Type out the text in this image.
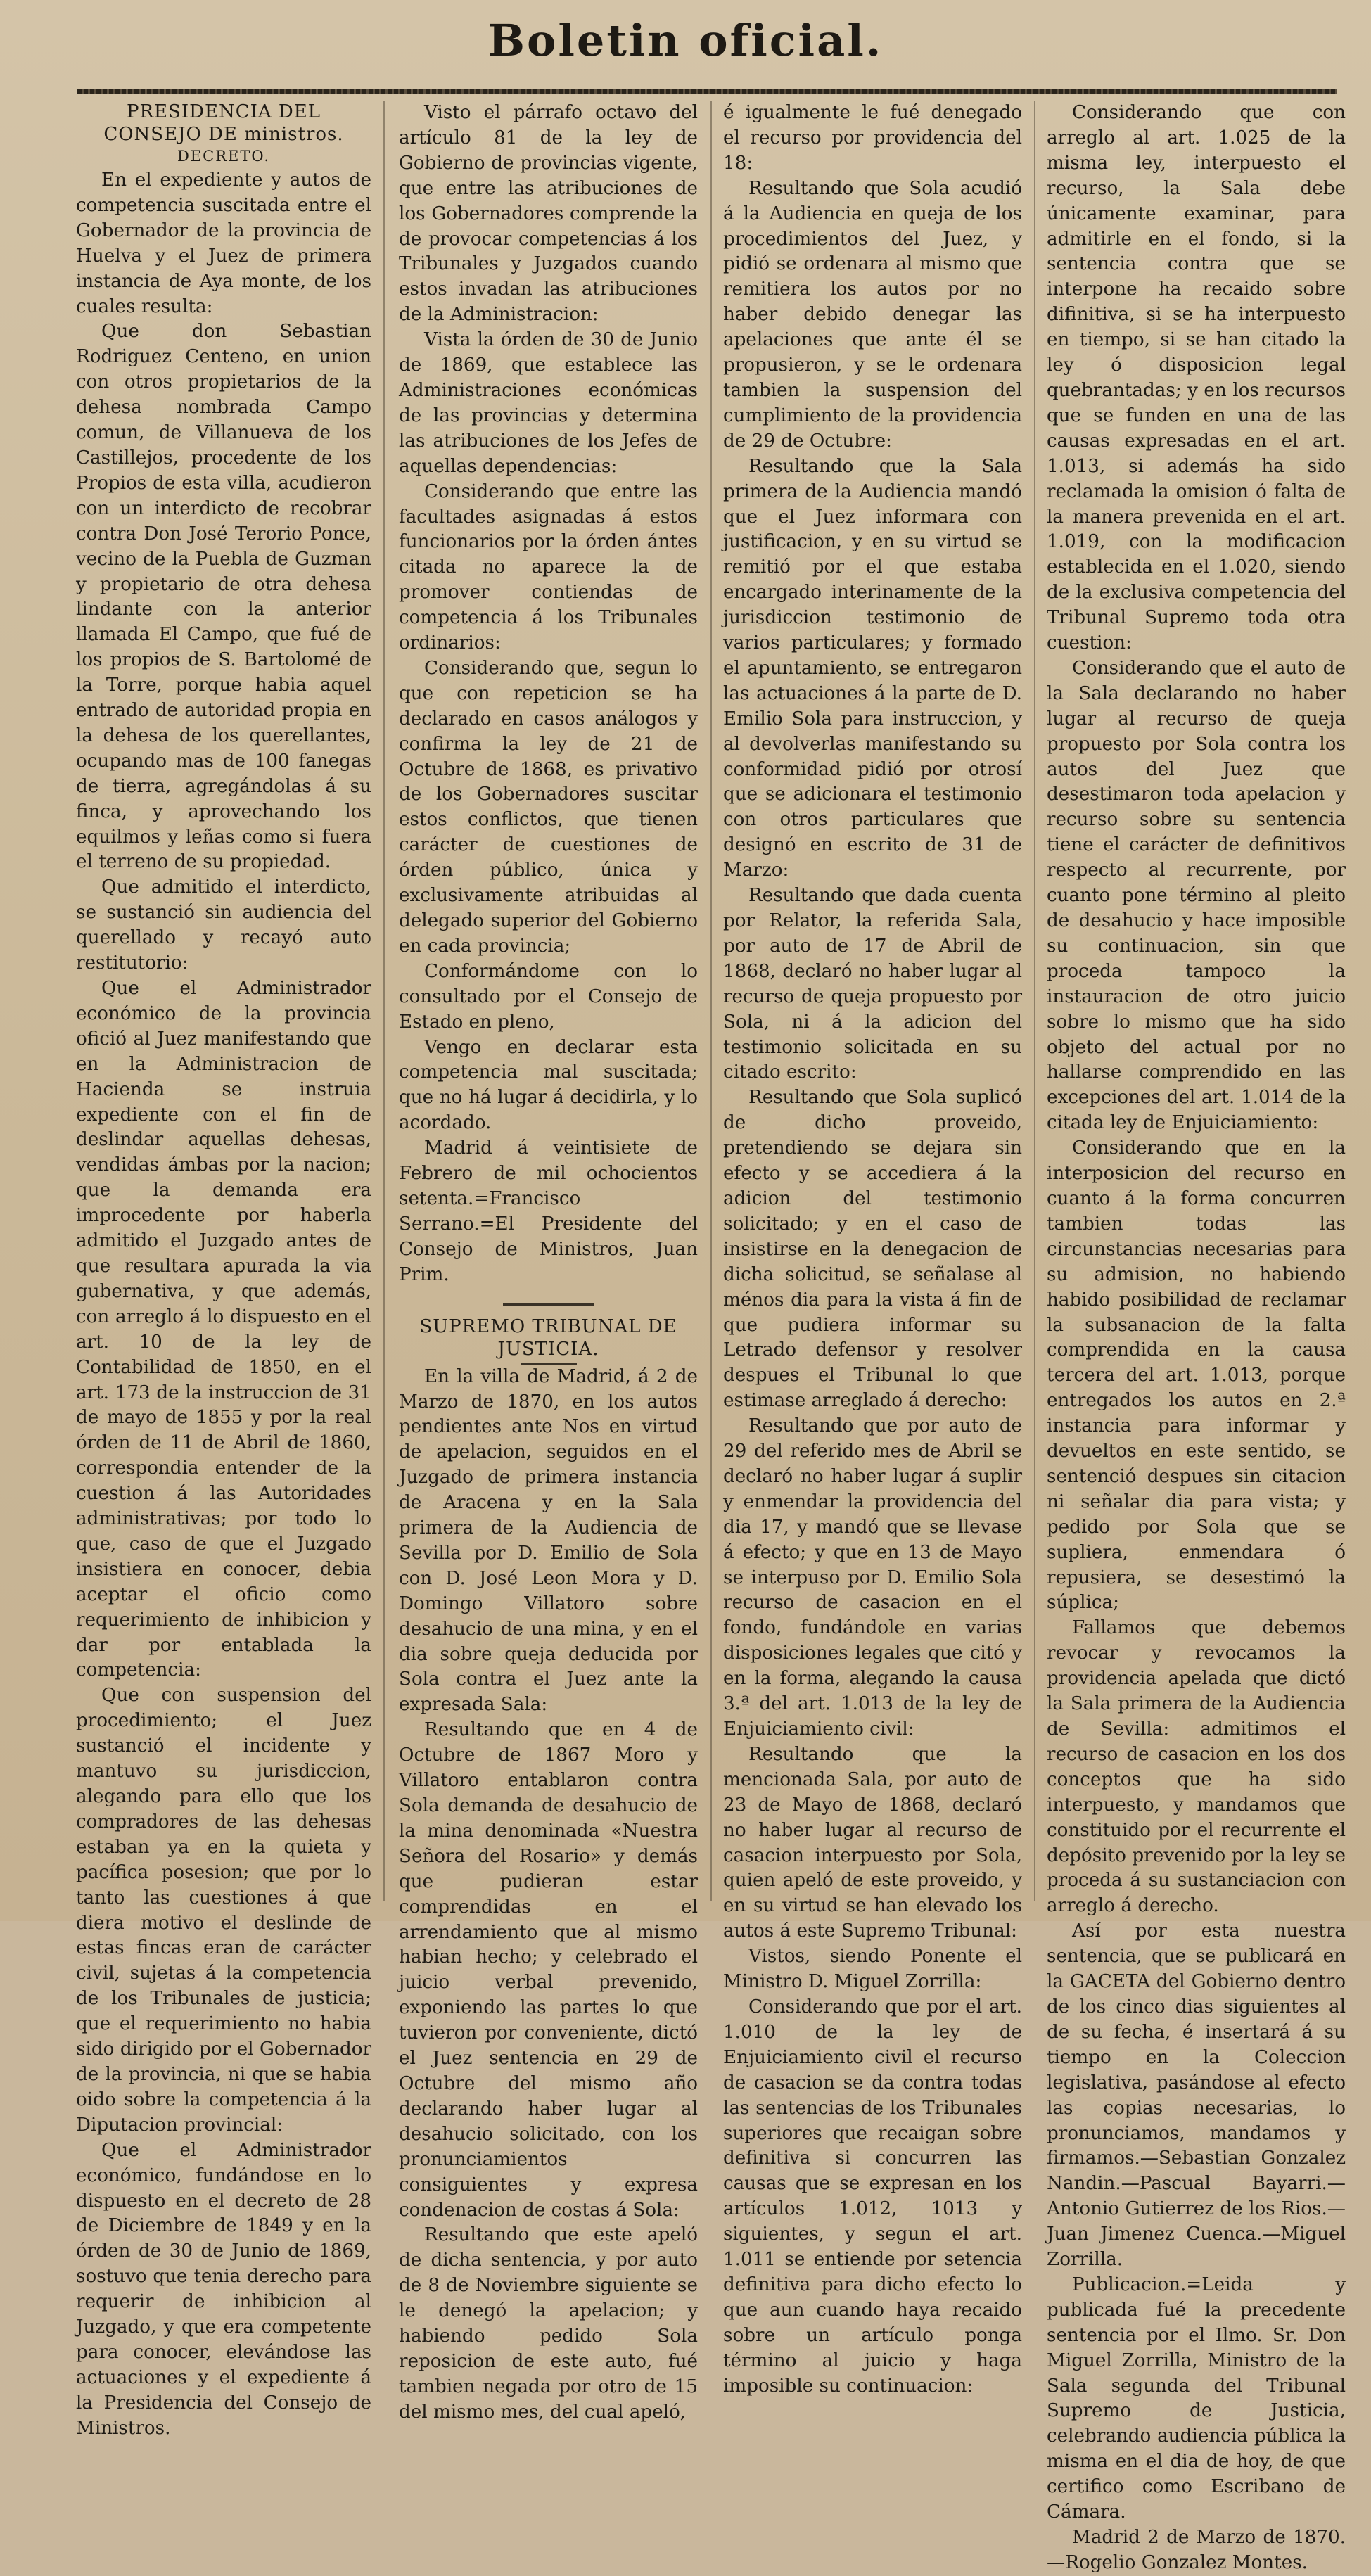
Boletin oficial.
PRESIDENCIA DEL CONSEJO DE ministros.
DECRETO.

En el expediente y autos de competencia suscitada entre el Gobernador de la provincia de Huelva y el Juez de primera instancia de Aya monte, de los cuales resulta:

Que don Sebastian Rodriguez Centeno, en union con otros propietarios de la dehesa nombrada Campo comun, de Villanueva de los Castillejos, procedente de los Propios de esta villa, acudieron con un interdicto de recobrar contra Don José Terorio Ponce, vecino de la Puebla de Guzman y propietario de otra dehesa lindante con la anterior llamada El Campo, que fué de los propios de S. Bartolomé de la Torre, porque habia aquel entrado de autoridad propia en la dehesa de los querellantes, ocupando mas de 100 fanegas de tierra, agregándolas á su finca, y aprovechando los equilmos y leñas como si fuera el terreno de su propiedad.

Que admitido el interdicto, se sustanció sin audiencia del querellado y recayó auto restitutorio:

Que el Administrador económico de la provincia ofició al Juez manifestando que en la Administracion de Hacienda se instruia expediente con el fin de deslindar aquellas dehesas, vendidas ámbas por la nacion; que la demanda era improcedente por haberla admitido el Juzgado antes de que resultara apurada la via gubernativa, y que además, con arreglo á lo dispuesto en el art. 10 de la ley de Contabilidad de 1850, en el art. 173 de la instruccion de 31 de mayo de 1855 y por la real órden de 11 de Abril de 1860, correspondia entender de la cuestion á las Autoridades administrativas; por todo lo que, caso de que el Juzgado insistiera en conocer, debia aceptar el oficio como requerimiento de inhibicion y dar por entablada la competencia:

Que con suspension del procedimiento; el Juez sustanció el incidente y mantuvo su jurisdiccion, alegando para ello que los compradores de las dehesas estaban ya en la quieta y pacífica posesion; que por lo tanto las cuestiones á que diera motivo el deslinde de estas fincas eran de carácter civil, sujetas á la competencia de los Tribunales de justicia; que el requerimiento no habia sido dirigido por el Gobernador de la provincia, ni que se habia oido sobre la competencia á la Diputacion provincial:

Que el Administrador económico, fundándose en lo dispuesto en el decreto de 28 de Diciembre de 1849 y en la órden de 30 de Junio de 1869, sostuvo que tenia derecho para requerir de inhibicion al Juzgado, y que era competente para conocer, elevándose las actuaciones y el expediente á la Presidencia del Consejo de Ministros.

Visto el párrafo octavo del artículo 81 de la ley de Gobierno de provincias vigente, que entre las atribuciones de los Gobernadores comprende la de provocar competencias á los Tribunales y Juzgados cuando estos invadan las atribuciones de la Administracion:

Vista la órden de 30 de Junio de 1869, que establece las Administraciones económicas de las provincias y determina las atribuciones de los Jefes de aquellas dependencias:

Considerando que entre las facultades asignadas á estos funcionarios por la órden ántes citada no aparece la de promover contiendas de competencia á los Tribunales ordinarios:

Considerando que, segun lo que con repeticion se ha declarado en casos análogos y confirma la ley de 21 de Octubre de 1868, es privativo de los Gobernadores suscitar estos conflictos, que tienen carácter de cuestiones de órden público, única y exclusivamente atribuidas al delegado superior del Gobierno en cada provincia;

Conformándome con lo consultado por el Consejo de Estado en pleno,

Vengo en declarar esta competencia mal suscitada; que no há lugar á decidirla, y lo acordado.

Madrid á veintisiete de Febrero de mil ochocientos setenta.=Francisco Serrano.=El Presidente del Consejo de Ministros, Juan Prim.

SUPREMO TRIBUNAL DE JUSTICIA.

En la villa de Madrid, á 2 de Marzo de 1870, en los autos pendientes ante Nos en virtud de apelacion, seguidos en el Juzgado de primera instancia de Aracena y en la Sala primera de la Audiencia de Sevilla por D. Emilio de Sola con D. José Leon Mora y D. Domingo Villatoro sobre desahucio de una mina, y en el dia sobre queja deducida por Sola contra el Juez ante la expresada Sala:

Resultando que en 4 de Octubre de 1867 Moro y Villatoro entablaron contra Sola demanda de desahucio de la mina denominada «Nuestra Señora del Rosario» y demás que pudieran estar comprendidas en el arrendamiento que al mismo habian hecho; y celebrado el juicio verbal prevenido, exponiendo las partes lo que tuvieron por conveniente, dictó el Juez sentencia en 29 de Octubre del mismo año declarando haber lugar al desahucio solicitado, con los pronunciamientos consiguientes y expresa condenacion de costas á Sola:

Resultando que este apeló de dicha sentencia, y por auto de 8 de Noviembre siguiente se le denegó la apelacion; y habiendo pedido Sola reposicion de este auto, fué tambien negada por otro de 15 del mismo mes, del cual apeló,

é igualmente le fué denegado el recurso por providencia del 18:

Resultando que Sola acudió á la Audiencia en queja de los procedimientos del Juez, y pidió se ordenara al mismo que remitiera los autos por no haber debido denegar las apelaciones que ante él se propusieron, y se le ordenara tambien la suspension del cumplimiento de la providencia de 29 de Octubre:

Resultando que la Sala primera de la Audiencia mandó que el Juez informara con justificacion, y en su virtud se remitió por el que estaba encargado interinamente de la jurisdiccion testimonio de varios particulares; y formado el apuntamiento, se entregaron las actuaciones á la parte de D. Emilio Sola para instruccion, y al devolverlas manifestando su conformidad pidió por otrosí que se adicionara el testimonio con otros particulares que designó en escrito de 31 de Marzo:

Resultando que dada cuenta por Relator, la referida Sala, por auto de 17 de Abril de 1868, declaró no haber lugar al recurso de queja propuesto por Sola, ni á la adicion del testimonio solicitada en su citado escrito:

Resultando que Sola suplicó de dicho proveido, pretendiendo se dejara sin efecto y se accediera á la adicion del testimonio solicitado; y en el caso de insistirse en la denegacion de dicha solicitud, se señalase al ménos dia para la vista á fin de que pudiera informar su Letrado defensor y resolver despues el Tribunal lo que estimase arreglado á derecho:

Resultando que por auto de 29 del referido mes de Abril se declaró no haber lugar á suplir y enmendar la providencia del dia 17, y mandó que se llevase á efecto; y que en 13 de Mayo se interpuso por D. Emilio Sola recurso de casacion en el fondo, fundándole en varias disposiciones legales que citó y en la forma, alegando la causa 3.ª del art. 1.013 de la ley de Enjuiciamiento civil:

Resultando que la mencionada Sala, por auto de 23 de Mayo de 1868, declaró no haber lugar al recurso de casacion interpuesto por Sola, quien apeló de este proveido, y en su virtud se han elevado los autos á este Supremo Tribunal:

Vistos, siendo Ponente el Ministro D. Miguel Zorrilla:

Considerando que por el art. 1.010 de la ley de Enjuiciamiento civil el recurso de casacion se da contra todas las sentencias de los Tribunales superiores que recaigan sobre definitiva si concurren las causas que se expresan en los artículos 1.012, 1013 y siguientes, y segun el art. 1.011 se entiende por setencia definitiva para dicho efecto lo que aun cuando haya recaido sobre un artículo ponga término al juicio y haga imposible su continuacion:

Considerando que con arreglo al art. 1.025 de la misma ley, interpuesto el recurso, la Sala debe únicamente examinar, para admitirle en el fondo, si la sentencia contra que se interpone ha recaido sobre difinitiva, si se ha interpuesto en tiempo, si se han citado la ley ó disposicion legal quebrantadas; y en los recursos que se funden en una de las causas expresadas en el art. 1.013, si además ha sido reclamada la omision ó falta de la manera prevenida en el art. 1.019, con la modificacion establecida en el 1.020, siendo de la exclusiva competencia del Tribunal Supremo toda otra cuestion:

Considerando que el auto de la Sala declarando no haber lugar al recurso de queja propuesto por Sola contra los autos del Juez que desestimaron toda apelacion y recurso sobre su sentencia tiene el carácter de definitivos respecto al recurrente, por cuanto pone término al pleito de desahucio y hace imposible su continuacion, sin que proceda tampoco la instauracion de otro juicio sobre lo mismo que ha sido objeto del actual por no hallarse comprendido en las excepciones del art. 1.014 de la citada ley de Enjuiciamiento:

Considerando que en la interposicion del recurso en cuanto á la forma concurren tambien todas las circunstancias necesarias para su admision, no habiendo habido posibilidad de reclamar la subsanacion de la falta comprendida en la causa tercera del art. 1.013, porque entregados los autos en 2.ª instancia para informar y devueltos en este sentido, se sentenció despues sin citacion ni señalar dia para vista; y pedido por Sola que se supliera, enmendara ó repusiera, se desestimó la súplica;

Fallamos que debemos revocar y revocamos la providencia apelada que dictó la Sala primera de la Audiencia de Sevilla: admitimos el recurso de casacion en los dos conceptos que ha sido interpuesto, y mandamos que constituido por el recurrente el depósito prevenido por la ley se proceda á su sustanciacion con arreglo á derecho.

Así por esta nuestra sentencia, que se publicará en la GACETA del Gobierno dentro de los cinco dias siguientes al de su fecha, é insertará á su tiempo en la Coleccion legislativa, pasándose al efecto las copias necesarias, lo pronunciamos, mandamos y firmamos.—Sebastian Gonzalez Nandin.—Pascual Bayarri.—Antonio Gutierrez de los Rios.—Juan Jimenez Cuenca.—Miguel Zorrilla.

Publicacion.=Leida y publicada fué la precedente sentencia por el Ilmo. Sr. Don Miguel Zorrilla, Ministro de la Sala segunda del Tribunal Supremo de Justicia, celebrando audiencia pública la misma en el dia de hoy, de que certifico como Escribano de Cámara.

Madrid 2 de Marzo de 1870.—Rogelio Gonzalez Montes.
